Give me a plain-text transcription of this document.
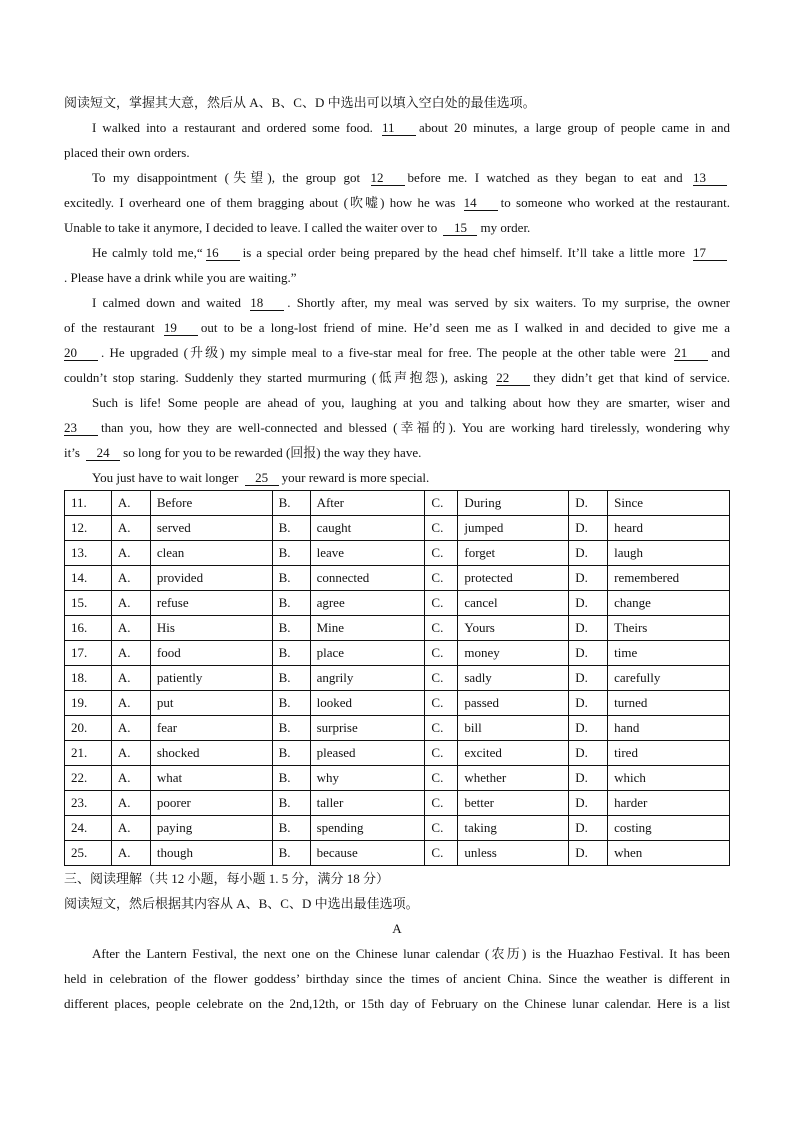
阅读短文，掌握其大意，然后从 A、B、C、D 中选出可以填入空白处的最佳选项。
I walked into a restaurant and ordered some food. 11 about 20 minutes, a large group of people came in and
placed their own orders.
To my disappointment (失望), the group got 12 before me. I watched as they began to eat and 13
excitedly. I overheard one of them bragging about (吹嘘) how he was 14 to someone who worked at the restaurant.
Unable to take it anymore, I decided to leave. I called the waiter over to 15 my order.
He calmly told me,“ 16 is a special order being prepared by the head chef himself. It’ll take a little more 17
. Please have a drink while you are waiting.”
I calmed down and waited 18 . Shortly after, my meal was served by six waiters. To my surprise, the owner
of the restaurant 19 out to be a long-lost friend of mine. He’d seen me as I walked in and decided to give me a
20 . He upgraded (升级) my simple meal to a five-star meal for free. The people at the other table were 21 and
couldn’t stop staring. Suddenly they started murmuring (低声抱怨), asking 22 they didn’t get that kind of service.
Such is life! Some people are ahead of you, laughing at you and talking about how they are smarter, wiser and
23 than you, how they are well-connected and blessed (幸福的). You are working hard tirelessly, wondering why
it’s 24 so long for you to be rewarded (回报) the way they have.
You just have to wait longer 25 your reward is more special.
11.	A.	Before	B.	After	C.	During	D.	Since
12.	A.	served	B.	caught	C.	jumped	D.	heard
13.	A.	clean	B.	leave	C.	forget	D.	laugh
14.	A.	provided	B.	connected	C.	protected	D.	remembered
15.	A.	refuse	B.	agree	C.	cancel	D.	change
16.	A.	His	B.	Mine	C.	Yours	D.	Theirs
17.	A.	food	B.	place	C.	money	D.	time
18.	A.	patiently	B.	angrily	C.	sadly	D.	carefully
19.	A.	put	B.	looked	C.	passed	D.	turned
20.	A.	fear	B.	surprise	C.	bill	D.	hand
21.	A.	shocked	B.	pleased	C.	excited	D.	tired
22.	A.	what	B.	why	C.	whether	D.	which
23.	A.	poorer	B.	taller	C.	better	D.	harder
24.	A.	paying	B.	spending	C.	taking	D.	costing
25.	A.	though	B.	because	C.	unless	D.	when
三、阅读理解（共 12 小题，每小题 1. 5 分，满分 18 分）
阅读短文，然后根据其内容从 A、B、C、D 中选出最佳选项。
A
After the Lantern Festival, the next one on the Chinese lunar calendar (农历) is the Huazhao Festival. It has been
held in celebration of the flower goddess’ birthday since the times of ancient China. Since the weather is different in
different places, people celebrate on the 2nd,12th, or 15th day of February on the Chinese lunar calendar. Here is a list
